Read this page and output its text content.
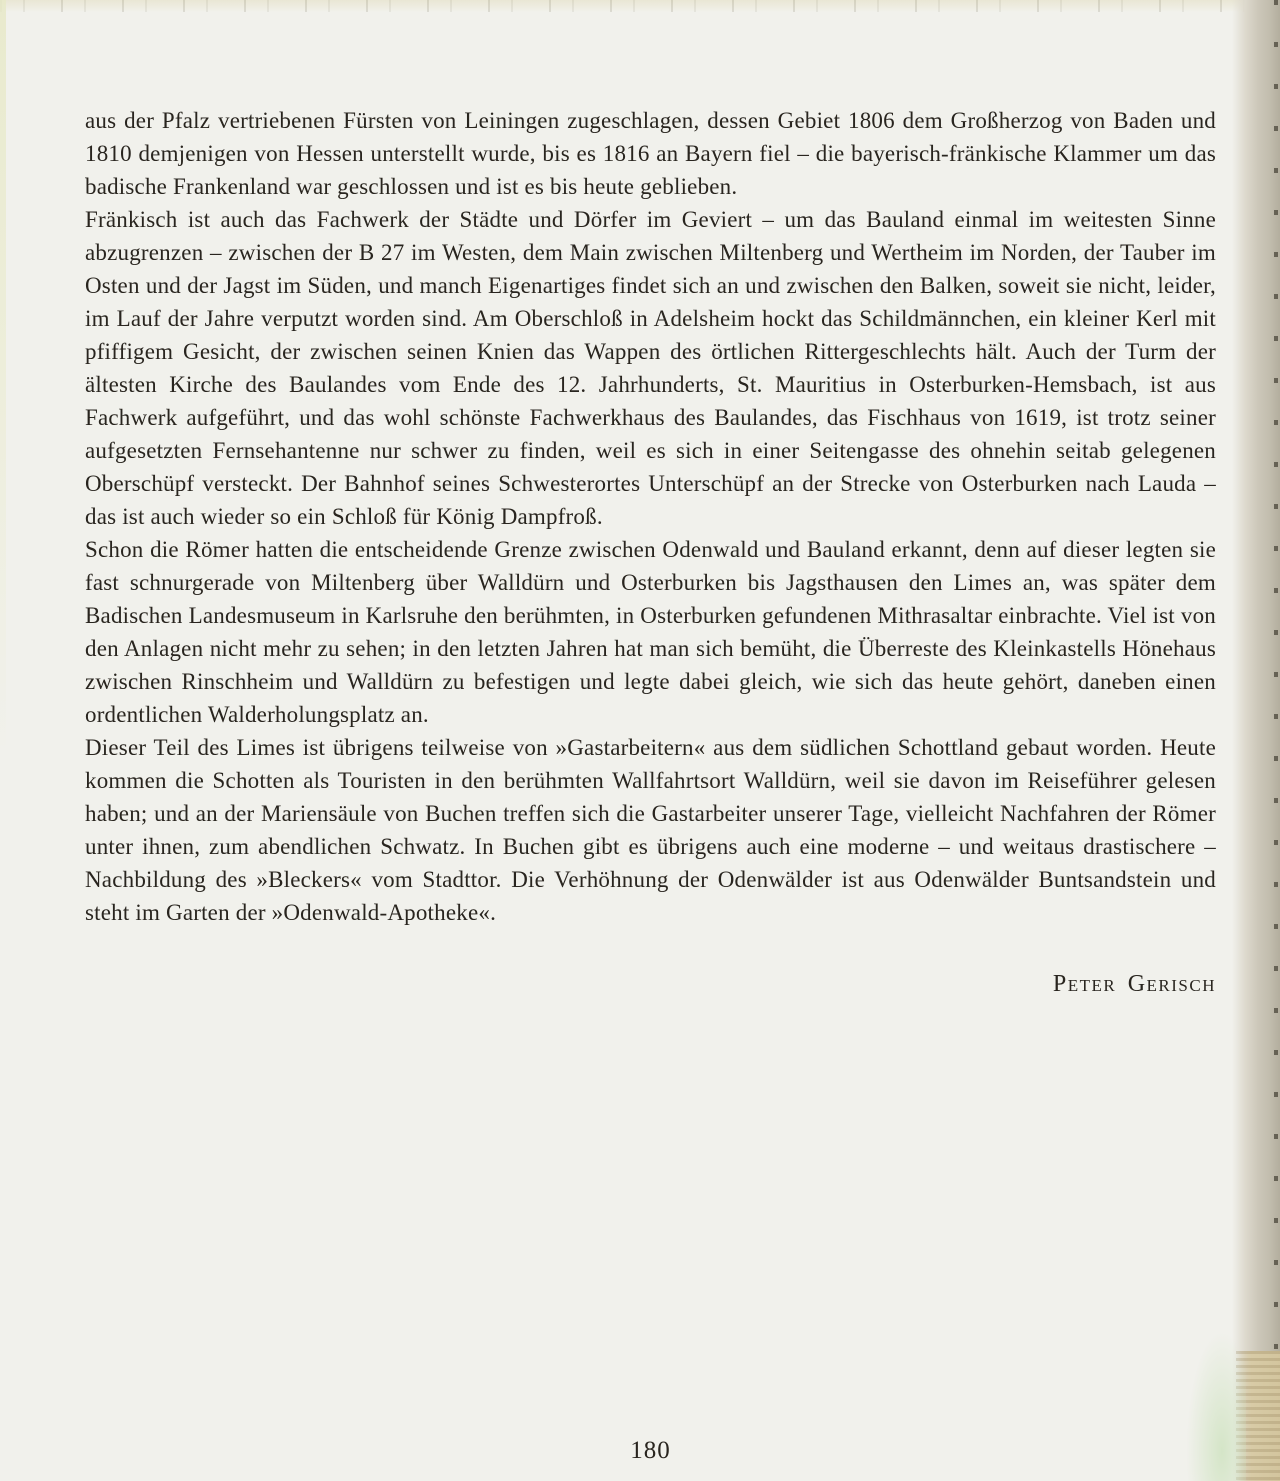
aus der Pfalz vertriebenen Fürsten von Leiningen zugeschlagen, dessen Gebiet 1806 dem Großherzog von Baden und 1810 demjenigen von Hessen unterstellt wurde, bis es 1816 an Bayern fiel – die bayerisch-fränkische Klammer um das badische Frankenland war geschlossen und ist es bis heute geblieben.

Fränkisch ist auch das Fachwerk der Städte und Dörfer im Geviert – um das Bauland einmal im weitesten Sinne abzugrenzen – zwischen der B 27 im Westen, dem Main zwischen Miltenberg und Wertheim im Norden, der Tauber im Osten und der Jagst im Süden, und manch Eigenartiges findet sich an und zwischen den Balken, soweit sie nicht, leider, im Lauf der Jahre verputzt worden sind. Am Oberschloß in Adelsheim hockt das Schildmännchen, ein kleiner Kerl mit pfiffigem Gesicht, der zwischen seinen Knien das Wappen des örtlichen Rittergeschlechts hält. Auch der Turm der ältesten Kirche des Baulandes vom Ende des 12. Jahrhunderts, St. Mauritius in Osterburken-Hemsbach, ist aus Fachwerk aufgeführt, und das wohl schönste Fachwerkhaus des Baulandes, das Fischhaus von 1619, ist trotz seiner aufgesetzten Fernsehantenne nur schwer zu finden, weil es sich in einer Seitengasse des ohnehin seitab gelegenen Oberschüpf versteckt. Der Bahnhof seines Schwesterortes Unterschüpf an der Strecke von Osterburken nach Lauda – das ist auch wieder so ein Schloß für König Dampfroß.

Schon die Römer hatten die entscheidende Grenze zwischen Odenwald und Bauland erkannt, denn auf dieser legten sie fast schnurgerade von Miltenberg über Walldürn und Osterburken bis Jagsthausen den Limes an, was später dem Badischen Landesmuseum in Karlsruhe den berühmten, in Osterburken gefundenen Mithrasaltar einbrachte. Viel ist von den Anlagen nicht mehr zu sehen; in den letzten Jahren hat man sich bemüht, die Überreste des Kleinkastells Hönehaus zwischen Rinschheim und Walldürn zu befestigen und legte dabei gleich, wie sich das heute gehört, daneben einen ordentlichen Walderholungsplatz an.

Dieser Teil des Limes ist übrigens teilweise von »Gastarbeitern« aus dem südlichen Schottland gebaut worden. Heute kommen die Schotten als Touristen in den berühmten Wallfahrtsort Walldürn, weil sie davon im Reiseführer gelesen haben; und an der Mariensäule von Buchen treffen sich die Gastarbeiter unserer Tage, vielleicht Nachfahren der Römer unter ihnen, zum abendlichen Schwatz. In Buchen gibt es übrigens auch eine moderne – und weitaus drastischere – Nachbildung des »Bleckers« vom Stadttor. Die Verhöhnung der Odenwälder ist aus Odenwälder Buntsandstein und steht im Garten der »Odenwald-Apotheke«.

Peter Gerisch

180
